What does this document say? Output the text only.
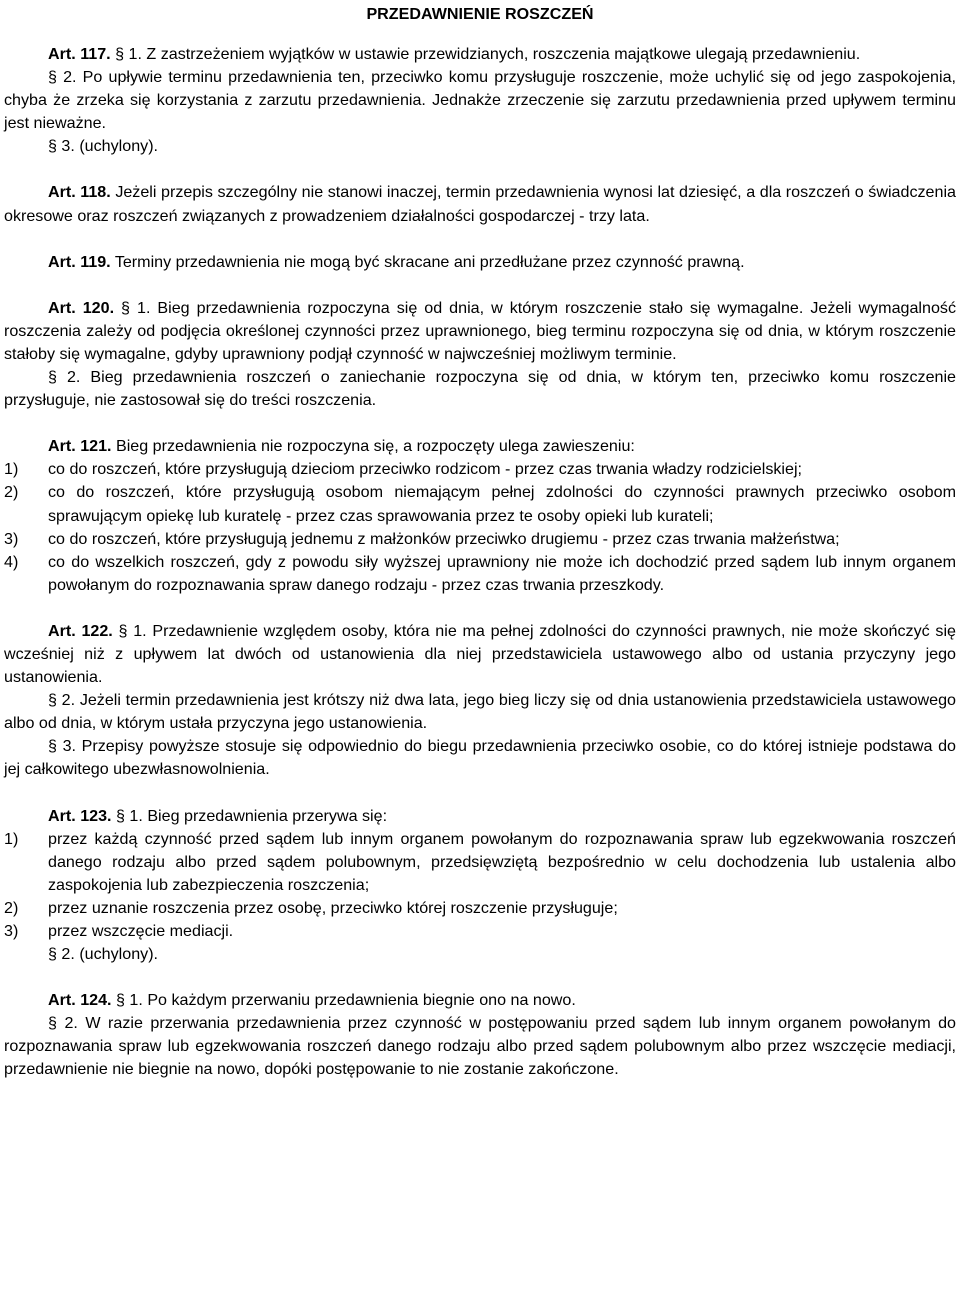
PRZEDAWNIENIE ROSZCZEŃ

Art. 117. § 1. Z zastrzeżeniem wyjątków w ustawie przewidzianych, roszczenia majątkowe ulegają przedawnieniu.

§ 2. Po upływie terminu przedawnienia ten, przeciwko komu przysługuje roszczenie, może uchylić się od jego zaspokojenia, chyba że zrzeka się korzystania z zarzutu przedawnienia. Jednakże zrzeczenie się zarzutu przedawnienia przed upływem terminu jest nieważne.

§ 3. (uchylony).

Art. 118. Jeżeli przepis szczególny nie stanowi inaczej, termin przedawnienia wynosi lat dziesięć, a dla roszczeń o świadczenia okresowe oraz roszczeń związanych z prowadzeniem działalności gospodarczej - trzy lata.

Art. 119. Terminy przedawnienia nie mogą być skracane ani przedłużane przez czynność prawną.

Art. 120. § 1. Bieg przedawnienia rozpoczyna się od dnia, w którym roszczenie stało się wymagalne. Jeżeli wymagalność roszczenia zależy od podjęcia określonej czynności przez uprawnionego, bieg terminu rozpoczyna się od dnia, w którym roszczenie stałoby się wymagalne, gdyby uprawniony podjął czynność w najwcześniej możliwym terminie.

§ 2. Bieg przedawnienia roszczeń o zaniechanie rozpoczyna się od dnia, w którym ten, przeciwko komu roszczenie przysługuje, nie zastosował się do treści roszczenia.

Art. 121. Bieg przedawnienia nie rozpoczyna się, a rozpoczęty ulega zawieszeniu:

1) co do roszczeń, które przysługują dzieciom przeciwko rodzicom - przez czas trwania władzy rodzicielskiej;
2) co do roszczeń, które przysługują osobom niemającym pełnej zdolności do czynności prawnych przeciwko osobom sprawującym opiekę lub kuratelę - przez czas sprawowania przez te osoby opieki lub kurateli;
3) co do roszczeń, które przysługują jednemu z małżonków przeciwko drugiemu - przez czas trwania małżeństwa;
4) co do wszelkich roszczeń, gdy z powodu siły wyższej uprawniony nie może ich dochodzić przed sądem lub innym organem powołanym do rozpoznawania spraw danego rodzaju - przez czas trwania przeszkody.

Art. 122. § 1. Przedawnienie względem osoby, która nie ma pełnej zdolności do czynności prawnych, nie może skończyć się wcześniej niż z upływem lat dwóch od ustanowienia dla niej przedstawiciela ustawowego albo od ustania przyczyny jego ustanowienia.

§ 2. Jeżeli termin przedawnienia jest krótszy niż dwa lata, jego bieg liczy się od dnia ustanowienia przedstawiciela ustawowego albo od dnia, w którym ustała przyczyna jego ustanowienia.

§ 3. Przepisy powyższe stosuje się odpowiednio do biegu przedawnienia przeciwko osobie, co do której istnieje podstawa do jej całkowitego ubezwłasnowolnienia.

Art. 123. § 1. Bieg przedawnienia przerywa się:

1) przez każdą czynność przed sądem lub innym organem powołanym do rozpoznawania spraw lub egzekwowania roszczeń danego rodzaju albo przed sądem polubownym, przedsięwziętą bezpośrednio w celu dochodzenia lub ustalenia albo zaspokojenia lub zabezpieczenia roszczenia;
2) przez uznanie roszczenia przez osobę, przeciwko której roszczenie przysługuje;
3) przez wszczęcie mediacji.

§ 2. (uchylony).

Art. 124. § 1. Po każdym przerwaniu przedawnienia biegnie ono na nowo.

§ 2. W razie przerwania przedawnienia przez czynność w postępowaniu przed sądem lub innym organem powołanym do rozpoznawania spraw lub egzekwowania roszczeń danego rodzaju albo przed sądem polubownym albo przez wszczęcie mediacji, przedawnienie nie biegnie na nowo, dopóki postępowanie to nie zostanie zakończone.
